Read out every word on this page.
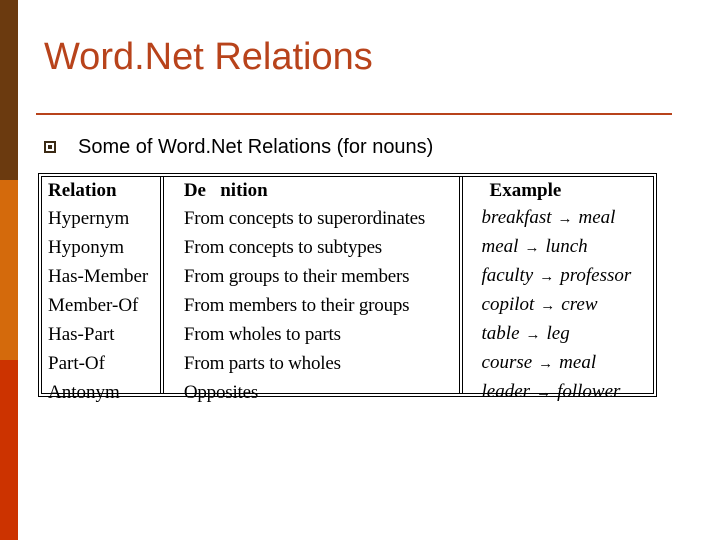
Word.Net Relations
Some of Word.Net Relations (for nouns)
Relation	De   nition	Example
Hypernym	From concepts to superordinates	breakfast → meal
Hyponym	From concepts to subtypes	meal → lunch
Has-Member	From groups to their members	faculty → professor
Member-Of	From members to their groups	copilot → crew
Has-Part	From wholes to parts	table → leg
Part-Of	From parts to wholes	course → meal
Antonym	Opposites	leader → follower
